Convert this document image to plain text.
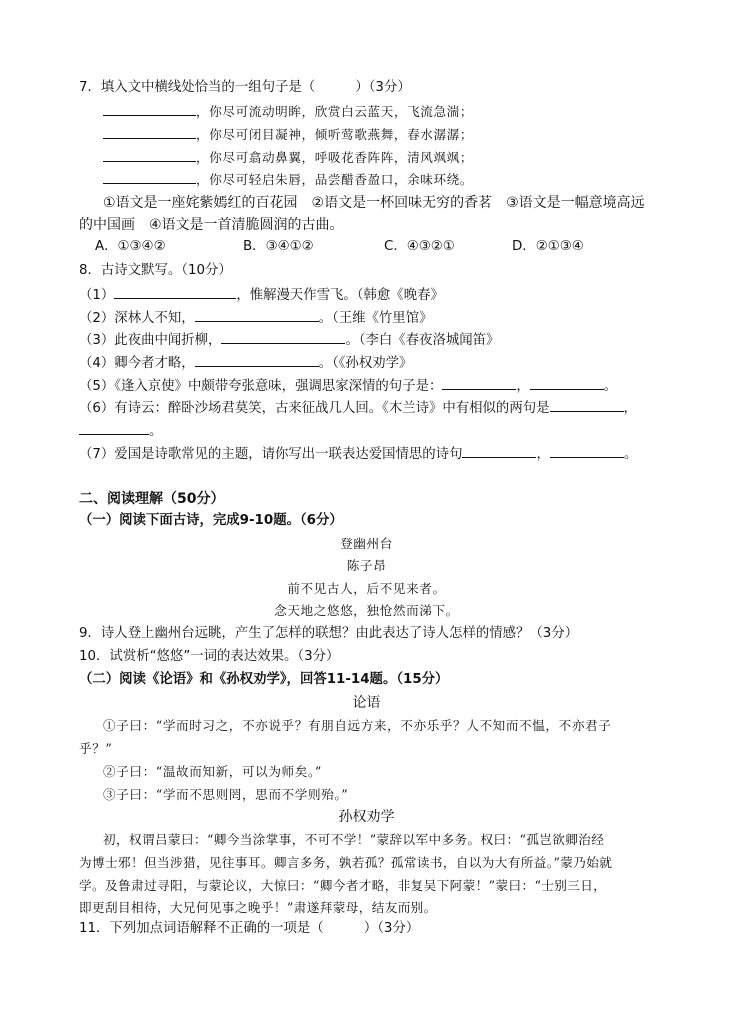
7．填入文中横线处恰当的一组句子是（　　　）（3分）
，你尽可流动明眸，欣赏白云蓝天，飞流急湍；
，你尽可闭目凝神，倾听莺歌燕舞，春水潺潺；
，你尽可翕动鼻翼，呼吸花香阵阵，清风飒飒；
，你尽可轻启朱唇，品尝醋香盈口，余味环绕。
①语文是一座姹紫嫣红的百花园　②语文是一杯回味无穷的香茗　③语文是一幅意境高远
的中国画　④语文是一首清脆圆润的古曲。
A．①③④②	B．③④①②	C．④③②①	D．②①③④
8．古诗文默写。（10分）
（1）	，惟解漫天作雪飞。（韩愈《晚春》
（2）深林人不知，	。（王维《竹里馆》
（3）此夜曲中闻折柳，	。（李白《春夜洛城闻笛》
（4）卿今者才略，	。（《孙权劝学》
（5）《逢入京使》中颇带夸张意味，强调思家深情的句子是：	，	。
（6）有诗云：醉卧沙场君莫笑，古来征战几人回。《木兰诗》中有相似的两句是	，
。
（7）爱国是诗歌常见的主题，请你写出一联表达爱国情思的诗句	，	。
二、阅读理解（50分）
（一）阅读下面古诗，完成9-10题。（6分）
登幽州台
陈子昂
前不见古人，后不见来者。
念天地之悠悠，独怆然而涕下。
9．诗人登上幽州台远眺，产生了怎样的联想？由此表达了诗人怎样的情感？（3分）
10．试赏析“悠悠”一词的表达效果。（3分）
（二）阅读《论语》和《孙权劝学》，回答11-14题。（15分）
论语
①子曰：“学而时习之，不亦说乎？有朋自远方来，不亦乐乎？人不知而不愠，不亦君子
乎？”
②子曰：“温故而知新，可以为师矣。”
③子曰：“学而不思则罔，思而不学则殆。”
孙权劝学
初，权谓吕蒙曰：“卿今当涂掌事，不可不学！”蒙辞以军中多务。权曰：“孤岂欲卿治经
为博士邪！但当涉猎，见往事耳。卿言多务，孰若孤？孤常读书，自以为大有所益。”蒙乃始就
学。及鲁肃过寻阳，与蒙论议，大惊曰：“卿今者才略，非复吴下阿蒙！”蒙曰：“士别三日，
即更刮目相待，大兄何见事之晚乎！”肃遂拜蒙母，结友而别。
11．下列加点词语解释不正确的一项是（　　　）（3分）
